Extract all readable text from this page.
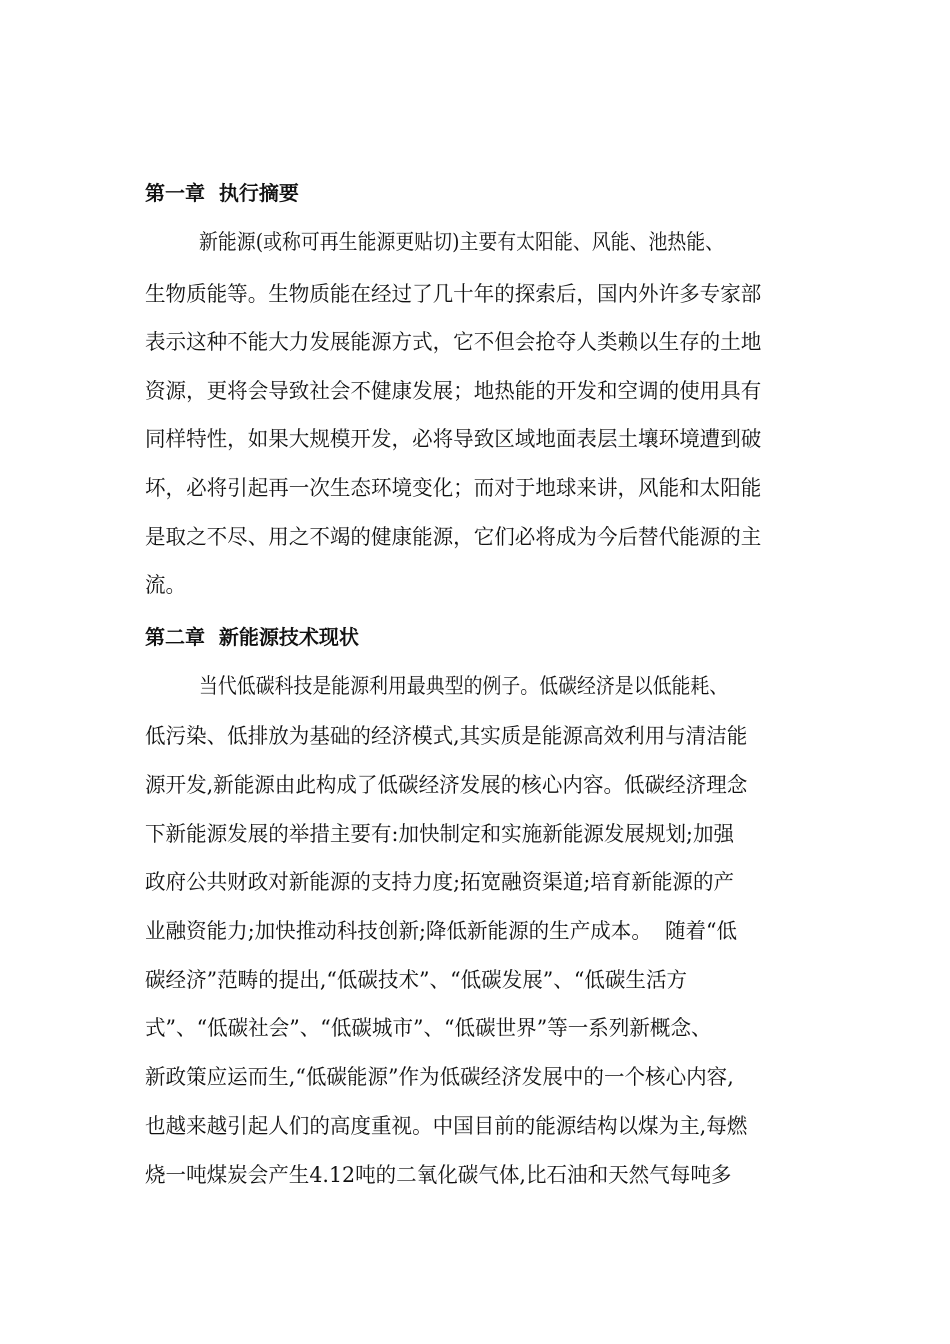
第一章  执行摘要
新能源(或称可再生能源更贴切)主要有太阳能、风能、池热能、
生物质能等。生物质能在经过了几十年的探索后，国内外许多专家部
表示这种不能大力发展能源方式，它不但会抢夺人类赖以生存的土地
资源，更将会导致社会不健康发展；地热能的开发和空调的使用具有
同样特性，如果大规模开发，必将导致区域地面表层土壤环境遭到破
坏，必将引起再一次生态环境变化；而对于地球来讲，风能和太阳能
是取之不尽、用之不竭的健康能源，它们必将成为今后替代能源的主
流。
第二章  新能源技术现状
当代低碳科技是能源利用最典型的例子。低碳经济是以低能耗、
低污染、低排放为基础的经济模式,其实质是能源高效利用与清洁能
源开发,新能源由此构成了低碳经济发展的核心内容。低碳经济理念
下新能源发展的举措主要有:加快制定和实施新能源发展规划;加强
政府公共财政对新能源的支持力度;拓宽融资渠道;培育新能源的产
业融资能力;加快推动科技创新;降低新能源的生产成本。  随着“低
碳经济”范畴的提出,“低碳技术”、“低碳发展”、“低碳生活方
式”、“低碳社会”、“低碳城市”、“低碳世界”等一系列新概念、
新政策应运而生,“低碳能源”作为低碳经济发展中的一个核心内容,
也越来越引起人们的高度重视。中国目前的能源结构以煤为主,每燃
烧一吨煤炭会产生4.12吨的二氧化碳气体,比石油和天然气每吨多
